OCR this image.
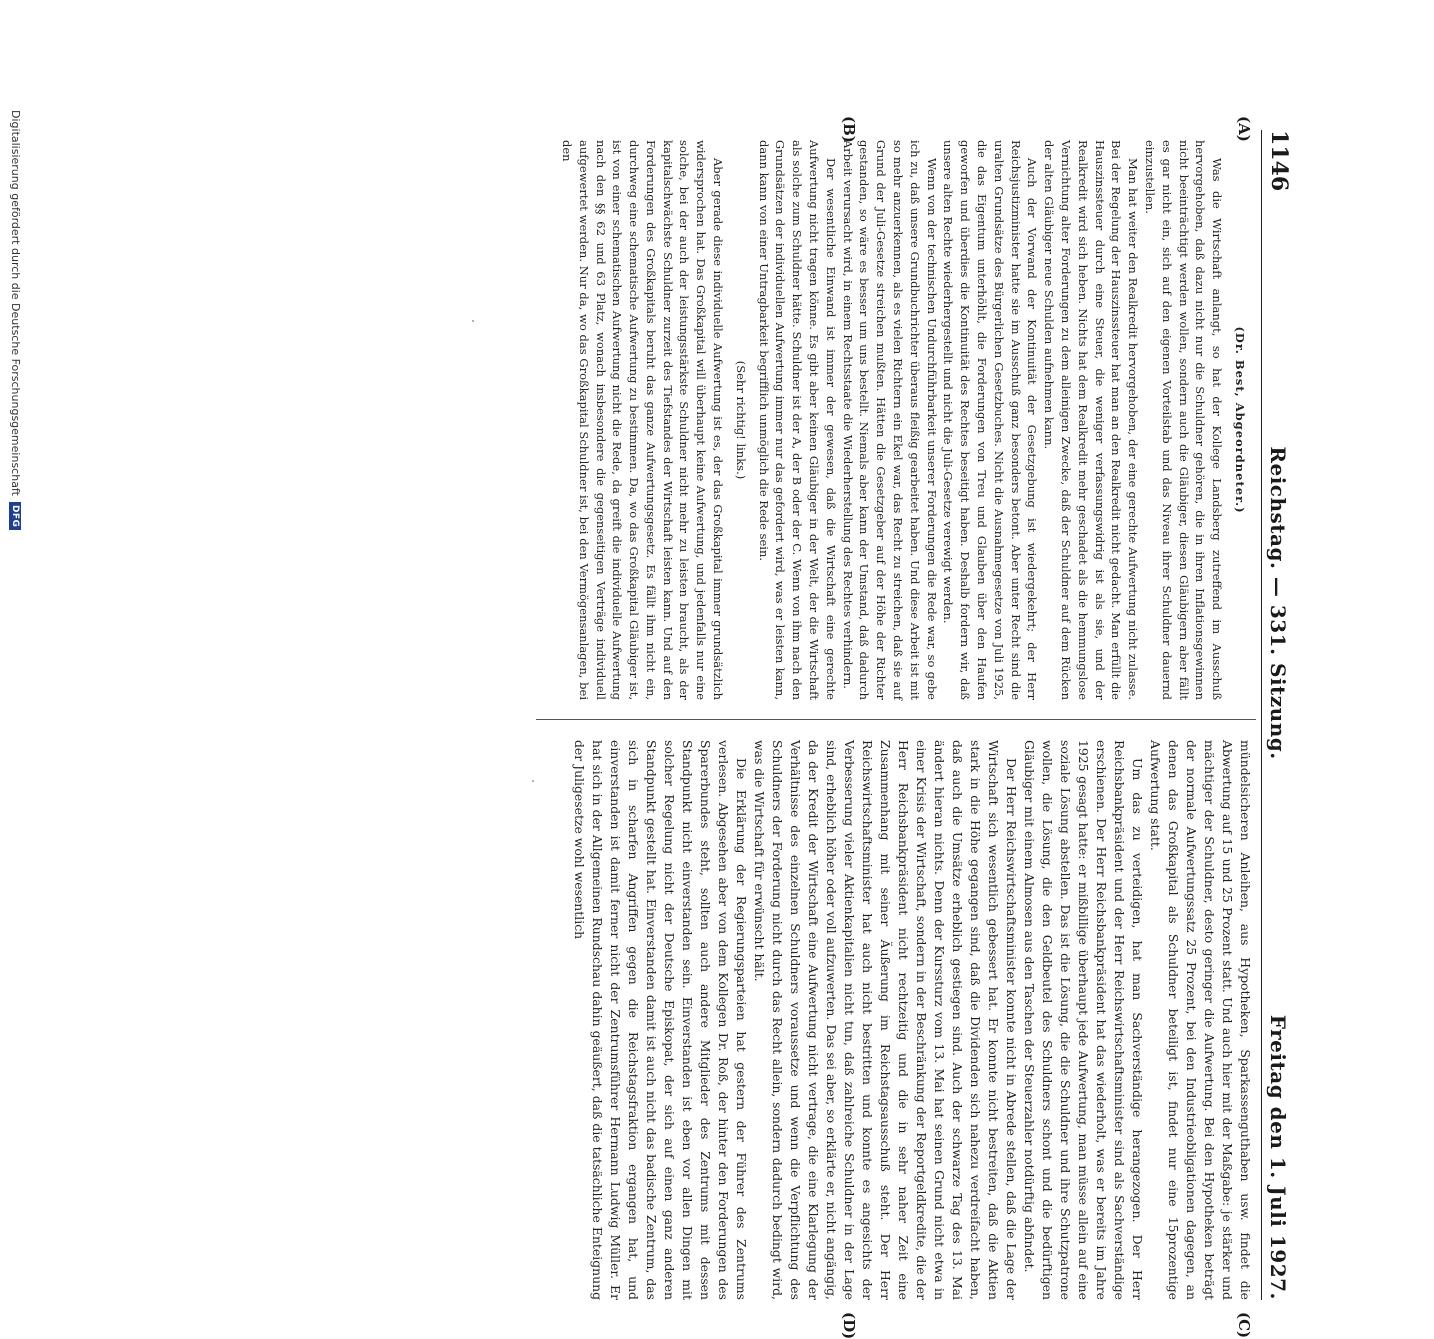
1146
Reichstag. — 331. Sitzung.
Freitag den 1. Juli 1927.
(A)
(B)
(C)
(D)

(Dr. Best, Abgeordneter.)

Was die Wirtschaft anlangt, so hat der Kollege Landsberg zutreffend im Ausschuß hervorgehoben, daß dazu nicht nur die Schuldner gehören, die in ihren Inflationsgewinnen nicht beeinträchtigt werden wollen, sondern auch die Gläubiger, diesen Gläubigern aber fällt es gar nicht ein, sich auf den eigenen Vorteilstab und das Niveau ihrer Schuldner dauernd einzustellen.

Man hat weiter den Realkredit hervorgehoben, der eine gerechte Aufwertung nicht zulasse. Bei der Regelung der Hauszinssteuer hat man an den Realkredit nicht gedacht. Man erfüllt die Hauszinssteuer durch eine Steuer, die weniger verfassungswidrig ist als sie, und der Realkredit wird sich heben. Nichts hat dem Realkredit mehr geschadet als die hemmungslose Vernichtung alter Forderungen zu dem alleinigen Zwecke, daß der Schuldner auf dem Rücken der alten Gläubiger neue Schulden aufnehmen kann.

Auch der Vorwand der Kontinuität der Gesetzgebung ist wiedergekehrt; der Herr Reichsjustizminister hatte sie im Ausschuß ganz besonders betont. Aber unter Recht sind die uralten Grundsätze des Bürgerlichen Gesetzbuches. Nicht die Ausnahmegesetze von Juli 1925, die das Eigentum unterhöhlt, die Forderungen von Treu und Glauben über den Haufen geworfen und überdies die Kontinuität des Rechtes beseitigt haben. Deshalb fordern wir, daß unsere alten Rechte wiederhergestellt und nicht die Juli-Gesetze verewigt werden.

Wenn von der technischen Undurchführbarkeit unserer Forderungen die Rede war, so gebe ich zu, daß unsere Grundbuchrichter überaus fleißig gearbeitet haben. Und diese Arbeit ist mit so mehr anzuerkennen, als es vielen Richtern ein Ekel war, das Recht zu streichen, daß sie auf Grund der Juli-Gesetze streichen mußten. Hätten die Gesetzgeber auf der Höhe der Richter gestanden, so wäre es besser um uns bestellt. Niemals aber kann der Umstand, daß dadurch Arbeit verursacht wird, in einem Rechtsstaate die Wiederherstellung des Rechtes verhindern.

Der wesentliche Einwand ist immer der gewesen, daß die Wirtschaft eine gerechte Aufwertung nicht tragen könne. Es gibt aber keinen Gläubiger in der Welt, der die Wirtschaft als solche zum Schuldner hätte. Schuldner ist der A, der B oder der C. Wenn von ihm nach den Grundsätzen der individuellen Aufwertung immer nur das gefordert wird, was er leisten kann, dann kann von einer Untragbarkeit begrifflich unmöglich die Rede sein.

(Sehr richtig! links.)

Aber gerade diese individuelle Aufwertung ist es, der das Großkapital immer grundsätzlich widersprochen hat. Das Großkapital will überhaupt keine Aufwertung, und jedenfalls nur eine solche, bei der auch der leistungsstärkste Schuldner nicht mehr zu leisten braucht, als der kapitalschwächste Schuldner zurzeit des Tiefstandes der Wirtschaft leisten kann. Und auf den Forderungen des Großkapitals beruht das ganze Aufwertungsgesetz. Es fällt ihm nicht ein, durchweg eine schematische Aufwertung zu bestimmen. Da, wo das Großkapital Gläubiger ist, ist von einer schematischen Aufwertung nicht die Rede, da greift die individuelle Aufwertung nach den §§ 62 und 63 Platz, wonach insbesondere die gegenseitigen Verträge individuell aufgewertet werden. Nur da, wo das Großkapital Schuldner ist, bei den Vermögensanlagen, bei den

mündelsicheren Anleihen, aus Hypotheken, Sparkassenguthaben usw. findet die Abwertung auf 15 und 25 Prozent statt. Und auch hier mit der Maßgabe: je stärker und mächtiger der Schuldner, desto geringer die Aufwertung. Bei den Hypotheken beträgt der normale Aufwertungssatz 25 Prozent, bei den Industrieobligationen dagegen, an denen das Großkapital als Schuldner beteiligt ist, findet nur eine 15prozentige Aufwertung statt.

Um das zu verteidigen, hat man Sachverständige herangezogen. Der Herr Reichsbankpräsident und der Herr Reichswirtschaftsminister sind als Sachverständige erschienen. Der Herr Reichsbankpräsident hat das wiederholt, was er bereits im Jahre 1925 gesagt hatte: er mißbillige überhaupt jede Aufwertung, man müsse allein auf eine soziale Lösung abstellen. Das ist die Lösung, die die Schuldner und ihre Schutzpatrone wollen, die Lösung, die den Geldbeutel des Schuldners schont und die bedürftigen Gläubiger mit einem Almosen aus den Taschen der Steuerzahler notdürftig abfindet.

Der Herr Reichswirtschaftsminister konnte nicht in Abrede stellen, daß die Lage der Wirtschaft sich wesentlich gebessert hat. Er konnte nicht bestreiten, daß die Aktien stark in die Höhe gegangen sind, daß die Dividenden sich nahezu verdreifacht haben, daß auch die Umsätze erheblich gestiegen sind. Auch der schwarze Tag des 13. Mai ändert hieran nichts. Denn der Kurssturz vom 13. Mai hat seinen Grund nicht etwa in einer Krisis der Wirtschaft, sondern in der Beschränkung der Reportgeldkredite, die der Herr Reichsbankpräsident nicht rechtzeitig und die in sehr naher Zeit eine Zusammenhang mit seiner Äußerung im Reichstagsausschuß steht. Der Herr Reichswirtschaftsminister hat auch nicht bestritten und konnte es angesichts der Verbesserung vieler Aktienkapitalien nicht tun, daß zahlreiche Schuldner in der Lage sind, erheblich höher oder voll aufzuwerten. Das sei aber, so erklärte er, nicht angängig, da der Kredit der Wirtschaft eine Aufwertung nicht vertrage, die eine Klarlegung der Verhältnisse des einzelnen Schuldners voraussetze und wenn die Verpflichtung des Schuldners der Forderung nicht durch das Recht allein, sondern dadurch bedingt wird, was die Wirtschaft für erwünscht hält.

Die Erklärung der Regierungsparteien hat gestern der Führer des Zentrums verlesen. Abgesehen aber von dem Kollegen Dr. Roß, der hinter den Forderungen des Sparerbundes steht, sollten auch andere Mitglieder des Zentrums mit dessen Standpunkt nicht einverstanden sein. Einverstanden ist eben vor allen Dingen mit solcher Regelung nicht der Deutsche Episkopat, der sich auf einen ganz anderen Standpunkt gestellt hat. Einverstanden damit ist auch nicht das badische Zentrum, das sich in scharfen Angriffen gegen die Reichstagsfraktion ergangen hat, und einverstanden ist damit ferner nicht der Zentrumsführer Hermann Ludwig Müller. Er hat sich in der Allgemeinen Rundschau dahin geäußert, daß die tatsächliche Enteignung der Juligesetze wohl wesentlich

Digitalisierung gefördert durch die Deutsche Forschungsgemeinschaft
DFG
